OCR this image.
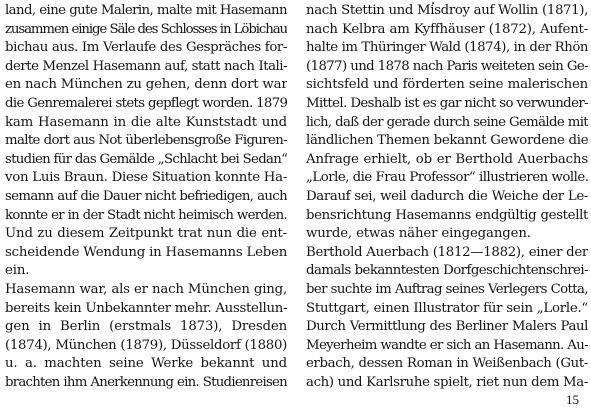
land, eine gute Malerin, malte mit Hasemann
zusammen einige Säle des Schlosses in Löbichau
bichau aus. Im Verlaufe des Gespräches for-
derte Menzel Hasemann auf, statt nach Itali-
en nach München zu gehen, denn dort war
die Genremalerei stets gepflegt worden. 1879
kam Hasemann in die alte Kunststadt und
malte dort aus Not überlebensgroße Figuren-
studien für das Gemälde „Schlacht bei Sedan“
von Luis Braun. Diese Situation konnte Ha-
semann auf die Dauer nicht befriedigen, auch
konnte er in der Stadt nicht heimisch werden.
Und zu diesem Zeitpunkt trat nun die ent-
scheidende Wendung in Hasemanns Leben
ein.
Hasemann war, als er nach München ging,
bereits kein Unbekannter mehr. Ausstellun-
gen in Berlin (erstmals 1873), Dresden
(1874), München (1879), Düsseldorf (1880)
u. a. machten seine Werke bekannt und
brachten ihm Anerkennung ein. Studienreisen
nach Stettin und Misdroy auf Wollin (1871),
nach Kelbra am Kyffhäuser (1872), Aufent-
halte im Thüringer Wald (1874), in der Rhön
(1877) und 1878 nach Paris weiteten sein Ge-
sichtsfeld und förderten seine malerischen
Mittel. Deshalb ist es gar nicht so verwunder-
lich, daß der gerade durch seine Gemälde mit
ländlichen Themen bekannt Gewordene die
Anfrage erhielt, ob er Berthold Auerbachs
„Lorle, die Frau Professor“ illustrieren wolle.
Darauf sei, weil dadurch die Weiche der Le-
bensrichtung Hasemanns endgültig gestellt
wurde, etwas näher eingegangen.
Berthold Auerbach (1812—1882), einer der
damals bekanntesten Dorfgeschichtenschrei-
ber suchte im Auftrag seines Verlegers Cotta,
Stuttgart, einen Illustrator für sein „Lorle.“
Durch Vermittlung des Berliner Malers Paul
Meyerheim wandte er sich an Hasemann. Au-
erbach, dessen Roman in Weißenbach (Gut-
ach) und Karlsruhe spielt, riet nun dem Ma-
15
